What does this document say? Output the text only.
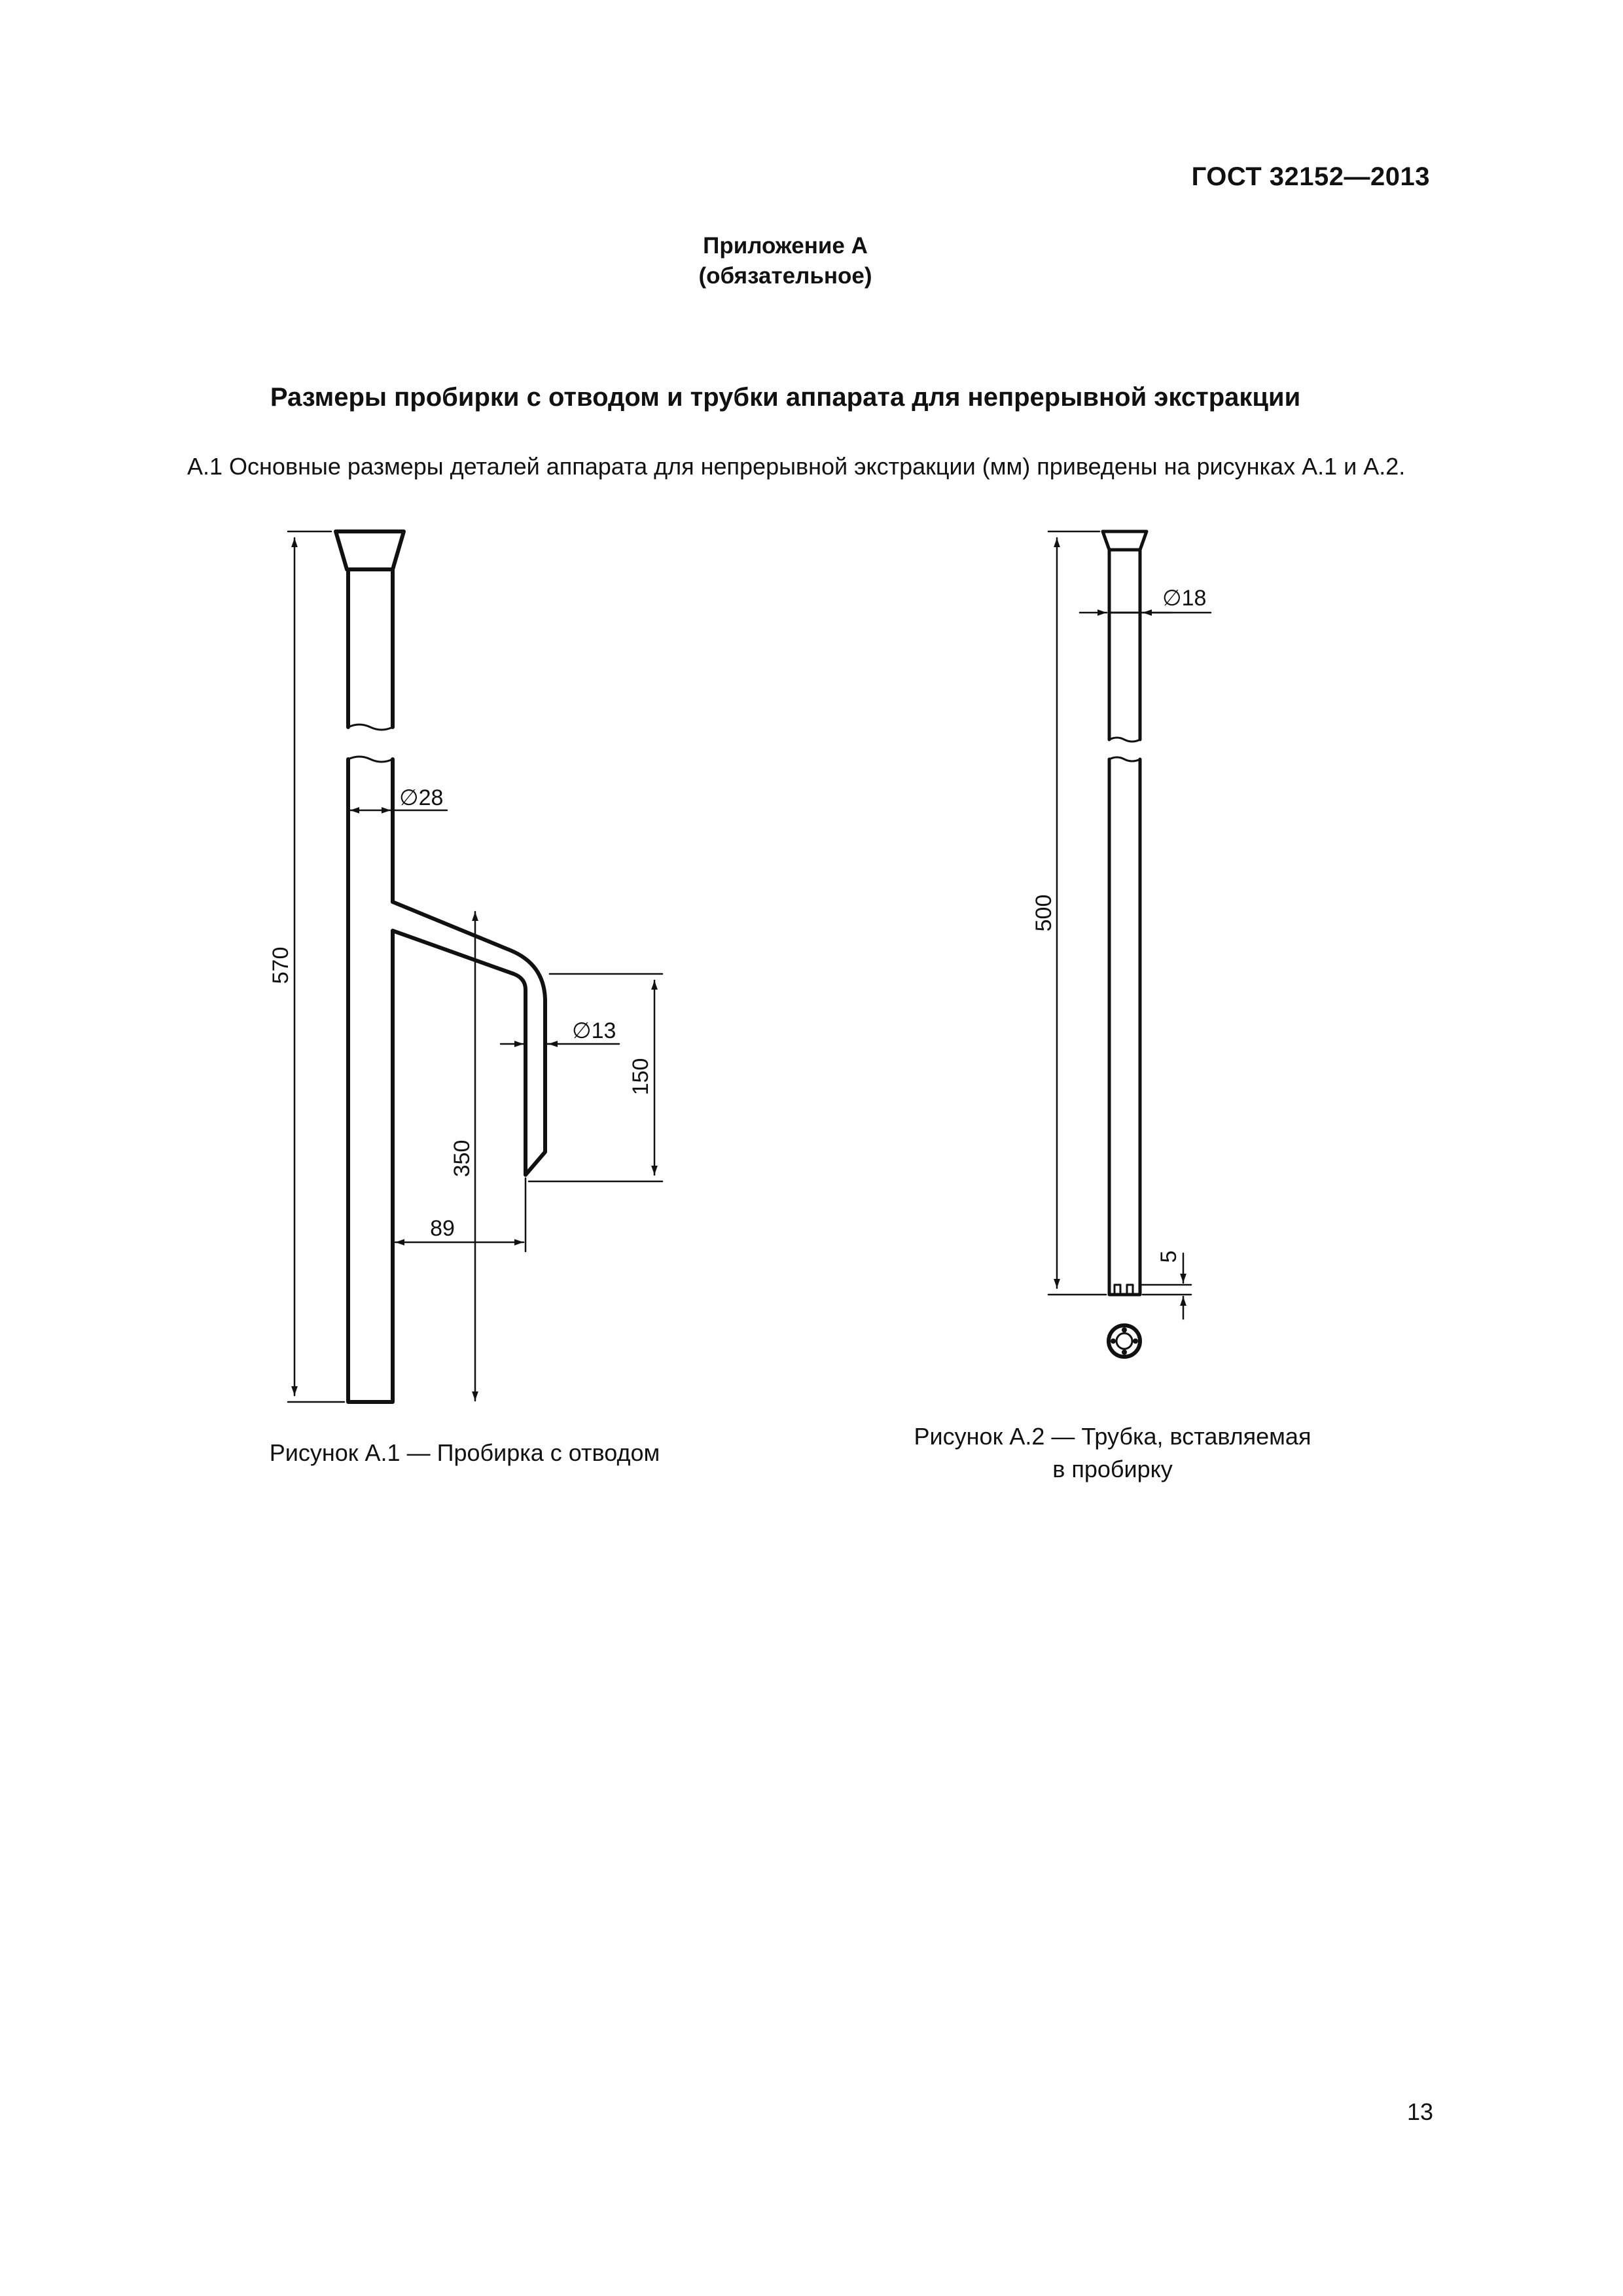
ГОСТ 32152—2013
Приложение А
(обязательное)
Размеры пробирки с отводом и трубки аппарата для непрерывной экстракции
А.1 Основные размеры деталей аппарата для непрерывной экстракции (мм) приведены на рисунках А.1 и А.2.
570
∅28
∅13
150
350
89
∅18
500
5
Рисунок А.1 — Пробирка с отводом
Рисунок А.2 — Трубка, вставляемая
в пробирку
13
